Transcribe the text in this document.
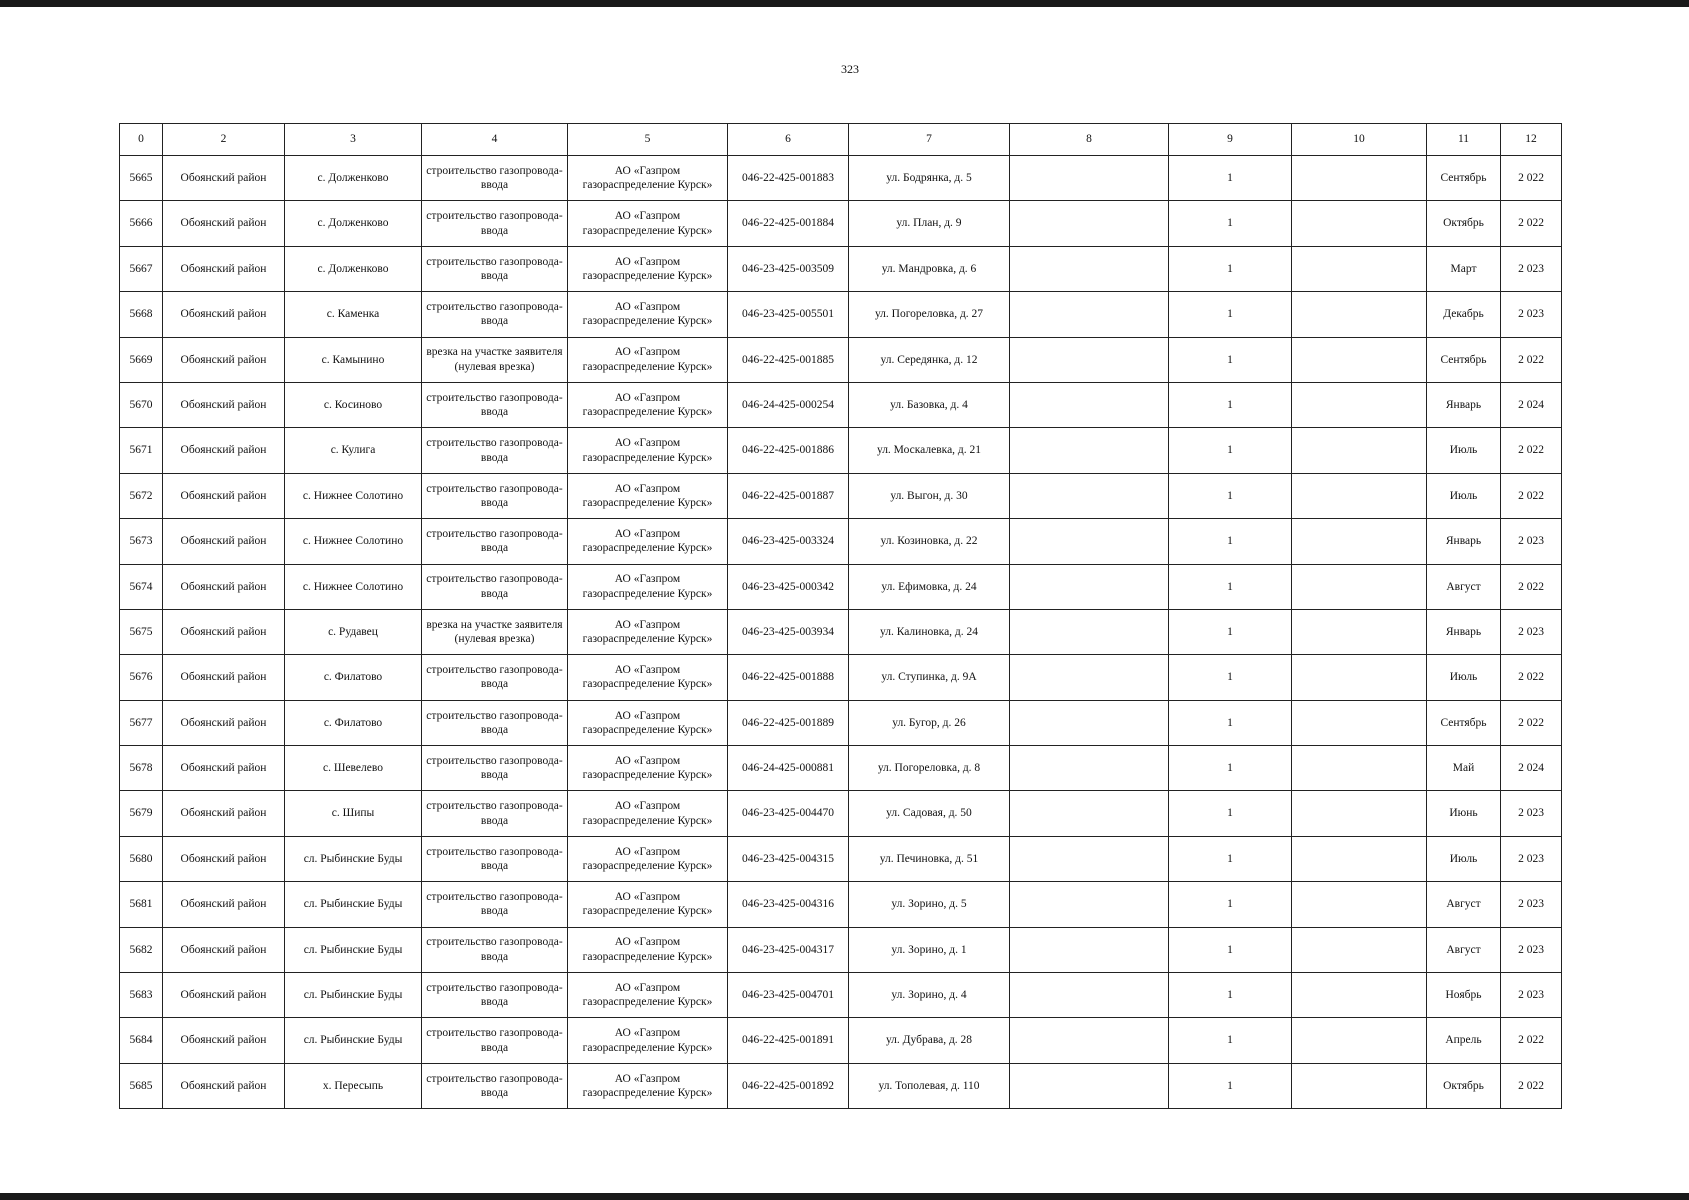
323
0	2	3	4	5	6	7	8	9	10	11	12
5665	Обоянский район	с. Долженково	строительство газопровода-ввода	АО «Газпром газораспределение Курск»	046-22-425-001883	ул. Бодрянка, д. 5		1		Сентябрь	2 022
5666	Обоянский район	с. Долженково	строительство газопровода-ввода	АО «Газпром газораспределение Курск»	046-22-425-001884	ул. План, д. 9		1		Октябрь	2 022
5667	Обоянский район	с. Долженково	строительство газопровода-ввода	АО «Газпром газораспределение Курск»	046-23-425-003509	ул. Мандровка, д. 6		1		Март	2 023
5668	Обоянский район	с. Каменка	строительство газопровода-ввода	АО «Газпром газораспределение Курск»	046-23-425-005501	ул. Погореловка, д. 27		1		Декабрь	2 023
5669	Обоянский район	с. Камынино	врезка на участке заявителя (нулевая врезка)	АО «Газпром газораспределение Курск»	046-22-425-001885	ул. Середянка, д. 12		1		Сентябрь	2 022
5670	Обоянский район	с. Косиново	строительство газопровода-ввода	АО «Газпром газораспределение Курск»	046-24-425-000254	ул. Базовка, д. 4		1		Январь	2 024
5671	Обоянский район	с. Кулига	строительство газопровода-ввода	АО «Газпром газораспределение Курск»	046-22-425-001886	ул. Москалевка, д. 21		1		Июль	2 022
5672	Обоянский район	с. Нижнее Солотино	строительство газопровода-ввода	АО «Газпром газораспределение Курск»	046-22-425-001887	ул. Выгон, д. 30		1		Июль	2 022
5673	Обоянский район	с. Нижнее Солотино	строительство газопровода-ввода	АО «Газпром газораспределение Курск»	046-23-425-003324	ул. Козиновка, д. 22		1		Январь	2 023
5674	Обоянский район	с. Нижнее Солотино	строительство газопровода-ввода	АО «Газпром газораспределение Курск»	046-23-425-000342	ул. Ефимовка, д. 24		1		Август	2 022
5675	Обоянский район	с. Рудавец	врезка на участке заявителя (нулевая врезка)	АО «Газпром газораспределение Курск»	046-23-425-003934	ул. Калиновка, д. 24		1		Январь	2 023
5676	Обоянский район	с. Филатово	строительство газопровода-ввода	АО «Газпром газораспределение Курск»	046-22-425-001888	ул. Ступинка, д. 9А		1		Июль	2 022
5677	Обоянский район	с. Филатово	строительство газопровода-ввода	АО «Газпром газораспределение Курск»	046-22-425-001889	ул. Бугор, д. 26		1		Сентябрь	2 022
5678	Обоянский район	с. Шевелево	строительство газопровода-ввода	АО «Газпром газораспределение Курск»	046-24-425-000881	ул. Погореловка, д. 8		1		Май	2 024
5679	Обоянский район	с. Шипы	строительство газопровода-ввода	АО «Газпром газораспределение Курск»	046-23-425-004470	ул. Садовая, д. 50		1		Июнь	2 023
5680	Обоянский район	сл. Рыбинские Буды	строительство газопровода-ввода	АО «Газпром газораспределение Курск»	046-23-425-004315	ул. Печиновка, д. 51		1		Июль	2 023
5681	Обоянский район	сл. Рыбинские Буды	строительство газопровода-ввода	АО «Газпром газораспределение Курск»	046-23-425-004316	ул. Зорино, д. 5		1		Август	2 023
5682	Обоянский район	сл. Рыбинские Буды	строительство газопровода-ввода	АО «Газпром газораспределение Курск»	046-23-425-004317	ул. Зорино, д. 1		1		Август	2 023
5683	Обоянский район	сл. Рыбинские Буды	строительство газопровода-ввода	АО «Газпром газораспределение Курск»	046-23-425-004701	ул. Зорино, д. 4		1		Ноябрь	2 023
5684	Обоянский район	сл. Рыбинские Буды	строительство газопровода-ввода	АО «Газпром газораспределение Курск»	046-22-425-001891	ул. Дубрава, д. 28		1		Апрель	2 022
5685	Обоянский район	х. Пересыпь	строительство газопровода-ввода	АО «Газпром газораспределение Курск»	046-22-425-001892	ул. Тополевая, д. 110		1		Октябрь	2 022
